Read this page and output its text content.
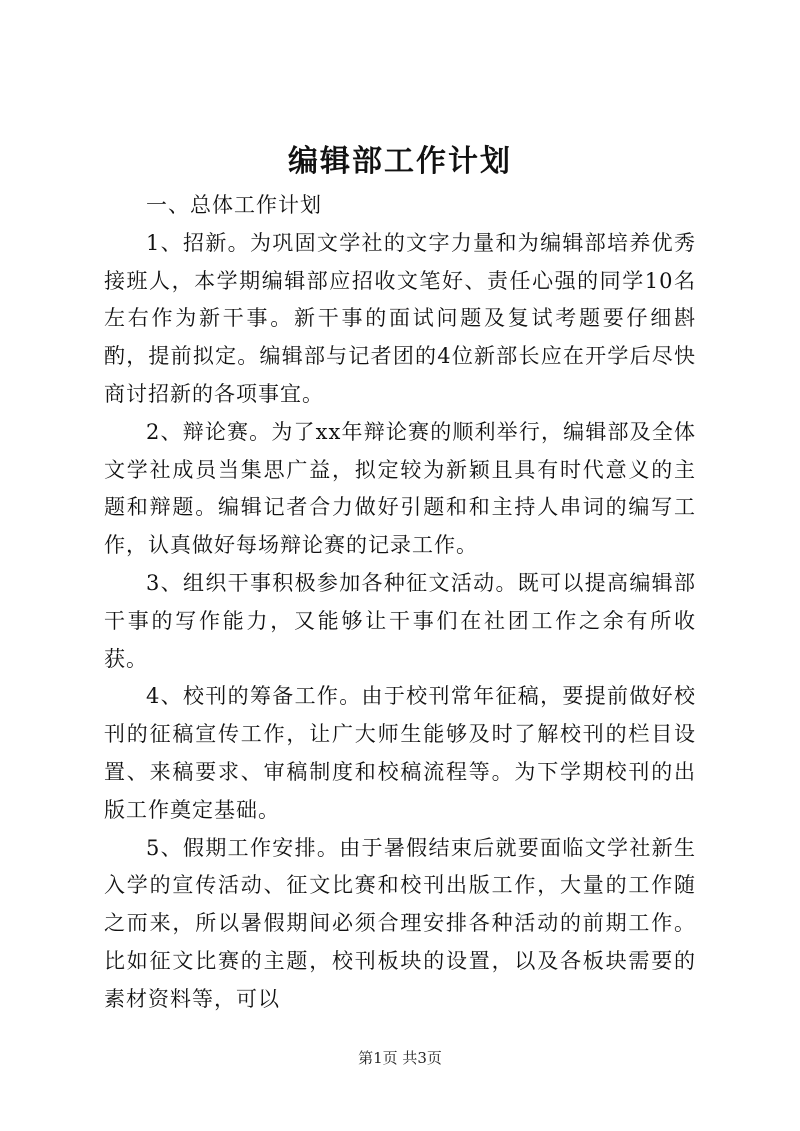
编辑部工作计划

一、总体工作计划

1、招新。为巩固文学社的文字力量和为编辑部培养优秀接班人，本学期编辑部应招收文笔好、责任心强的同学10名左右作为新干事。新干事的面试问题及复试考题要仔细斟酌，提前拟定。编辑部与记者团的4位新部长应在开学后尽快商讨招新的各项事宜。

2、辩论赛。为了xx年辩论赛的顺利举行，编辑部及全体文学社成员当集思广益，拟定较为新颖且具有时代意义的主题和辩题。编辑记者合力做好引题和和主持人串词的编写工作，认真做好每场辩论赛的记录工作。

3、组织干事积极参加各种征文活动。既可以提高编辑部干事的写作能力，又能够让干事们在社团工作之余有所收获。

4、校刊的筹备工作。由于校刊常年征稿，要提前做好校刊的征稿宣传工作，让广大师生能够及时了解校刊的栏目设置、来稿要求、审稿制度和校稿流程等。为下学期校刊的出版工作奠定基础。

5、假期工作安排。由于暑假结束后就要面临文学社新生入学的宣传活动、征文比赛和校刊出版工作，大量的工作随之而来，所以暑假期间必须合理安排各种活动的前期工作。比如征文比赛的主题，校刊板块的设置，以及各板块需要的素材资料等，可以

第1页 共3页
